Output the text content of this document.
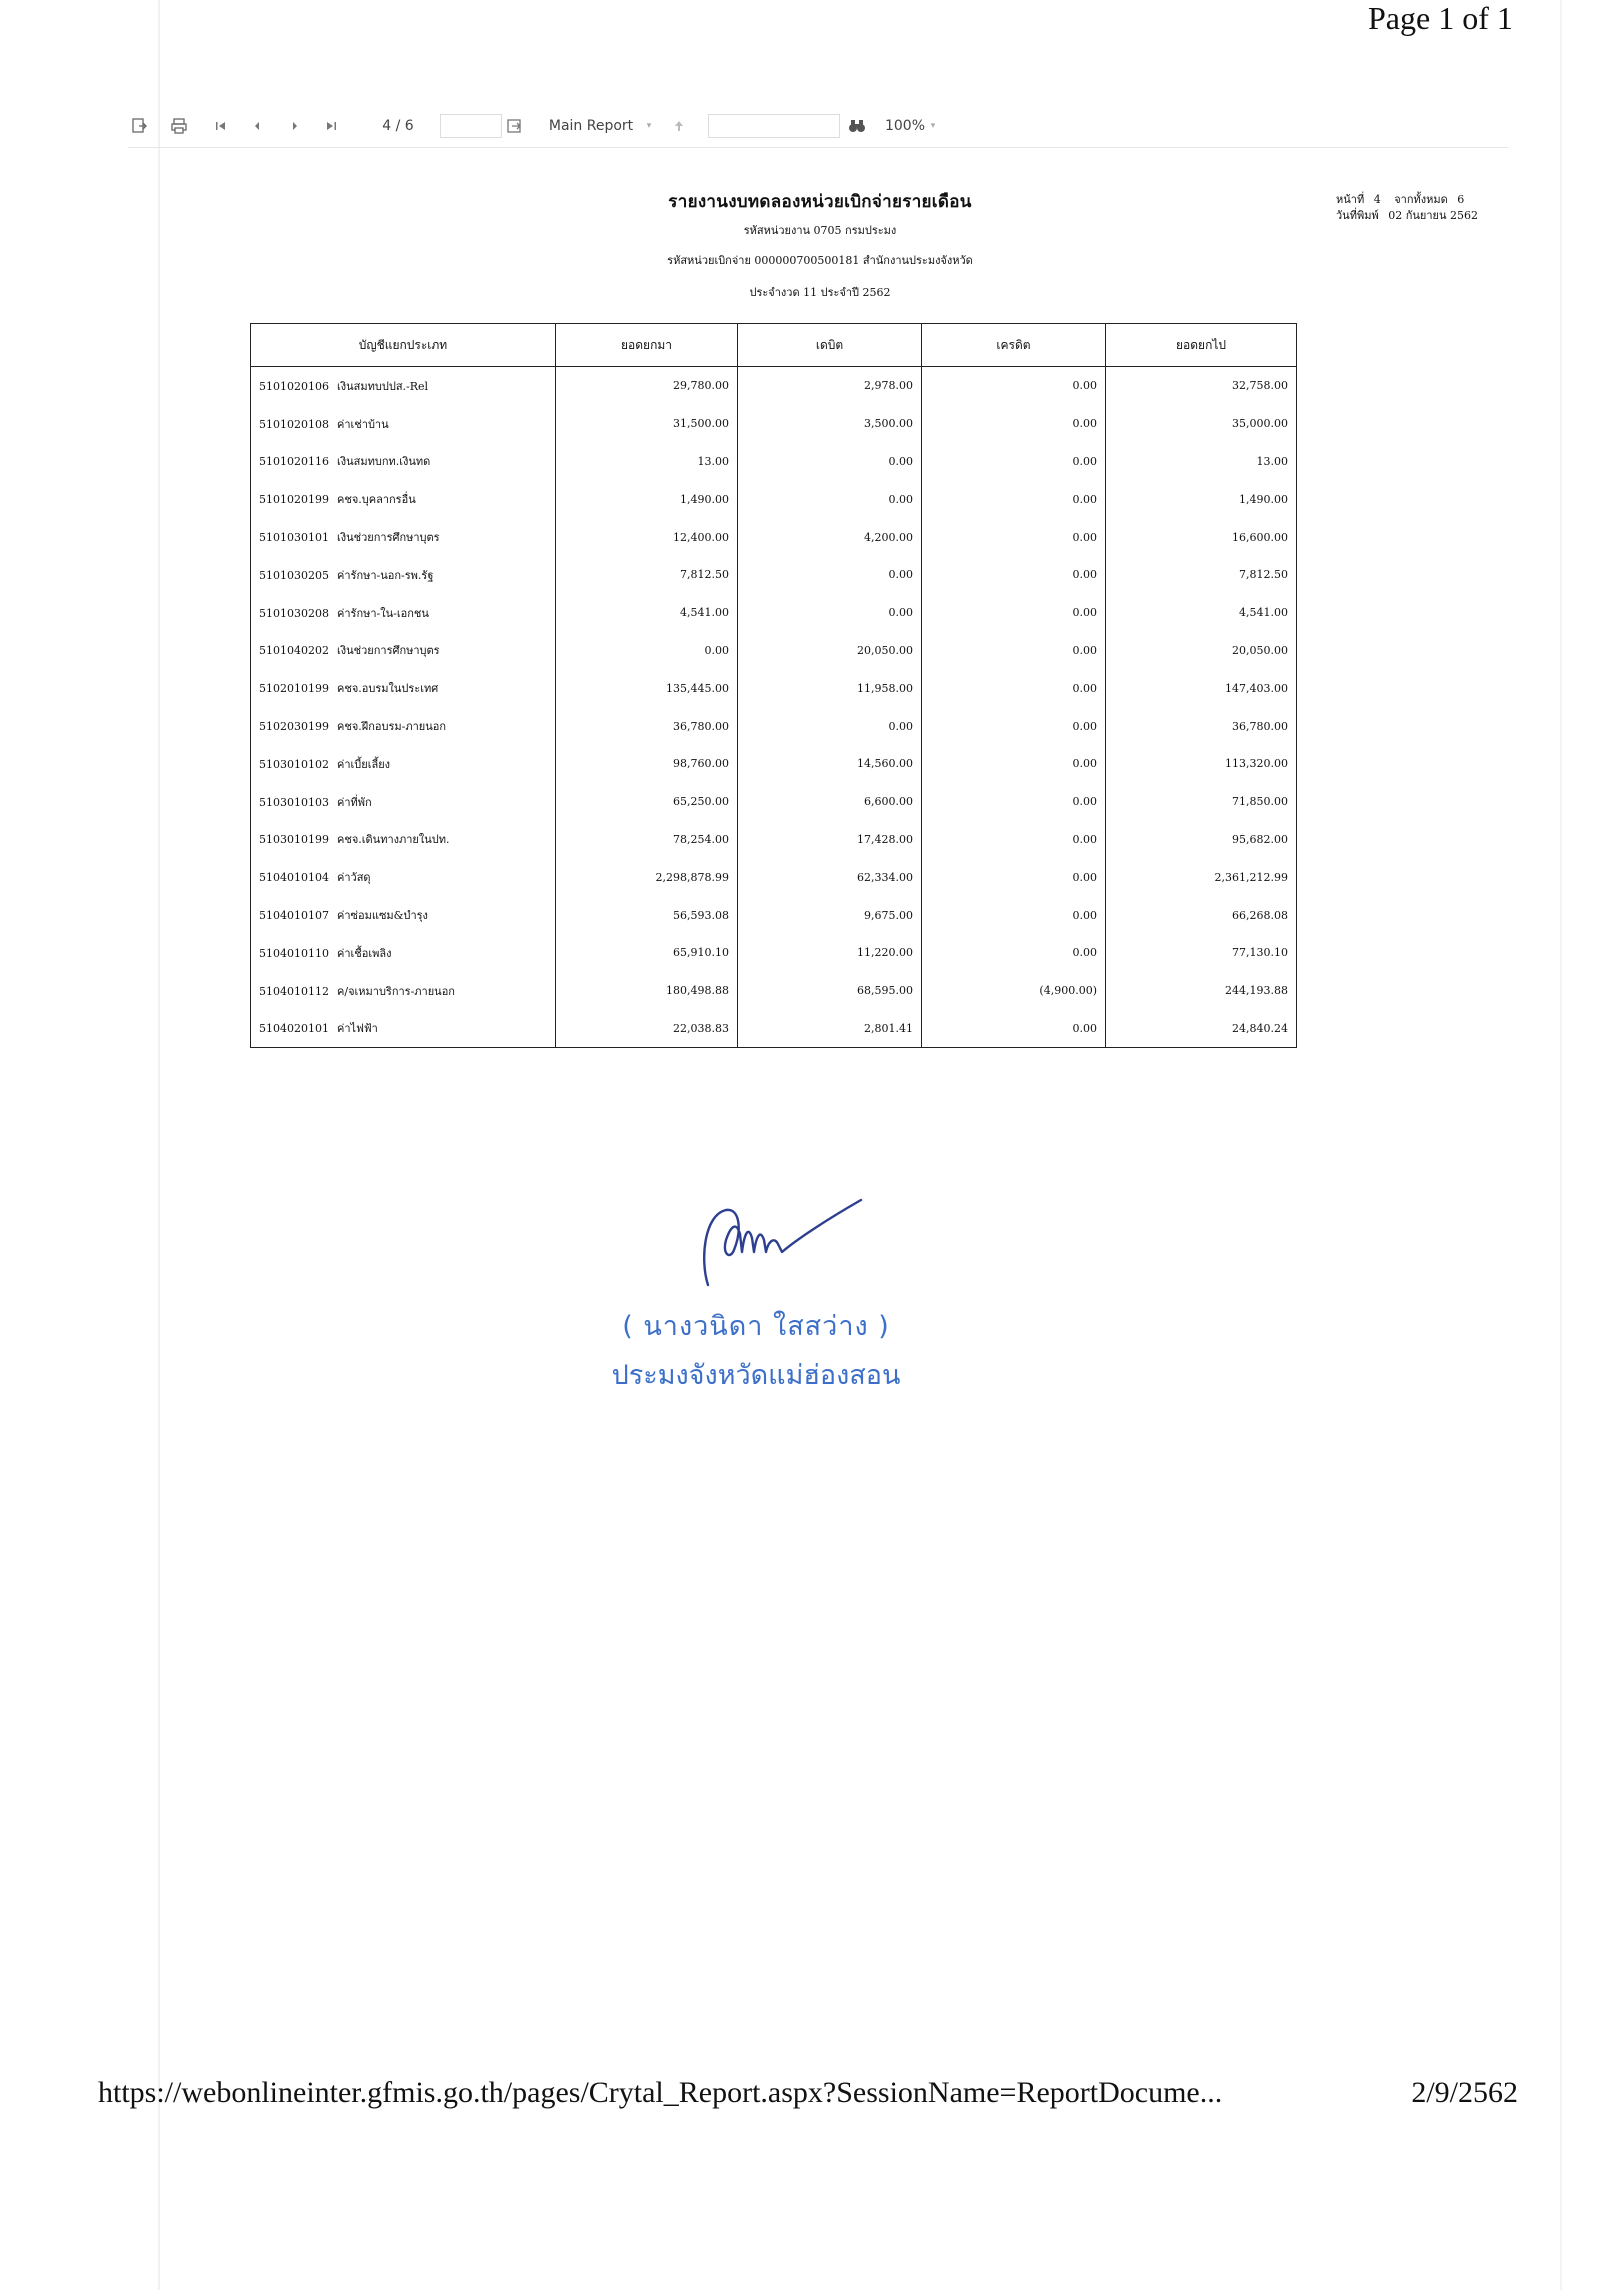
Page 1 of 1
4 / 6	Main Report	▾	100% ▾
รายงานงบทดลองหน่วยเบิกจ่ายรายเดือน
รหัสหน่วยงาน 0705 กรมประมง
รหัสหน่วยเบิกจ่าย 000000700500181 สำนักงานประมงจังหวัด
ประจำงวด 11 ประจำปี 2562
หน้าที่ 4 จากทั้งหมด 6
วันที่พิมพ์ 02 กันยายน 2562
บัญชีแยกประเภท	ยอดยกมา	เดบิต	เครดิต	ยอดยกไป
5101020106 เงินสมทบปปส.-Rel	29,780.00	2,978.00	0.00	32,758.00
5101020108 ค่าเช่าบ้าน	31,500.00	3,500.00	0.00	35,000.00
5101020116 เงินสมทบกท.เงินทด	13.00	0.00	0.00	13.00
5101020199 คชจ.บุคลากรอื่น	1,490.00	0.00	0.00	1,490.00
5101030101 เงินช่วยการศึกษาบุตร	12,400.00	4,200.00	0.00	16,600.00
5101030205 ค่ารักษา-นอก-รพ.รัฐ	7,812.50	0.00	0.00	7,812.50
5101030208 ค่ารักษา-ใน-เอกชน	4,541.00	0.00	0.00	4,541.00
5101040202 เงินช่วยการศึกษาบุตร	0.00	20,050.00	0.00	20,050.00
5102010199 คชจ.อบรมในประเทศ	135,445.00	11,958.00	0.00	147,403.00
5102030199 คชจ.ฝึกอบรม-ภายนอก	36,780.00	0.00	0.00	36,780.00
5103010102 ค่าเบี้ยเลี้ยง	98,760.00	14,560.00	0.00	113,320.00
5103010103 ค่าที่พัก	65,250.00	6,600.00	0.00	71,850.00
5103010199 คชจ.เดินทางภายในปท.	78,254.00	17,428.00	0.00	95,682.00
5104010104 ค่าวัสดุ	2,298,878.99	62,334.00	0.00	2,361,212.99
5104010107 ค่าซ่อมแซม&บำรุง	56,593.08	9,675.00	0.00	66,268.08
5104010110 ค่าเชื้อเพลิง	65,910.10	11,220.00	0.00	77,130.10
5104010112 ค/จเหมาบริการ-ภายนอก	180,498.88	68,595.00	(4,900.00)	244,193.88
5104020101 ค่าไฟฟ้า	22,038.83	2,801.41	0.00	24,840.24
( นางวนิดา ใสสว่าง )
ประมงจังหวัดแม่ฮ่องสอน
https://webonlineinter.gfmis.go.th/pages/Crytal_Report.aspx?SessionName=ReportDocume...	2/9/2562
